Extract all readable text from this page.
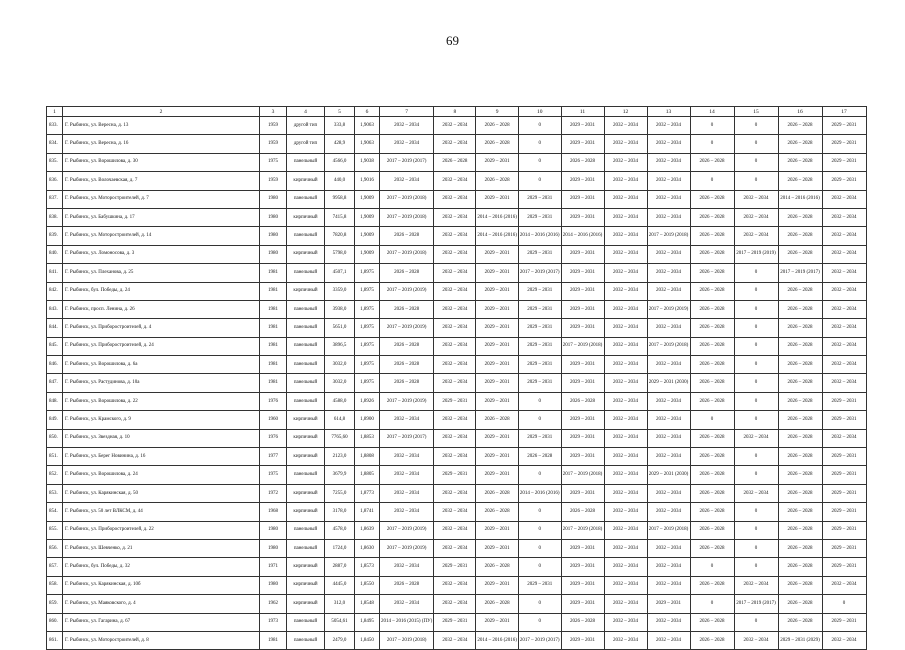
69
1	2	3	4	5	6	7	8	9	10	11	12	13	14	15	16	17
833.	Г. Рыбинск, ул. Вересна, д. 13	1959	другой тип	333,8	1,9063	2032 – 2034	2032 – 2034	2026 – 2028	0	2029 – 2031	2032 – 2034	2032 – 2034	0	0	2026 – 2028	2029 – 2031
834.	Г. Рыбинск, ул. Вересна, д. 16	1959	другой тип	428,9	1,9063	2032 – 2034	2032 – 2034	2026 – 2028	0	2029 – 2031	2032 – 2034	2032 – 2034	0	0	2026 – 2028	2029 – 2031
835.	Г. Рыбинск, ул. Ворошилова, д. 30	1975	панельный	4566,0	1,9038	2017 – 2019 (2017)	2026 – 2028	2029 – 2031	0	2026 – 2028	2032 – 2034	2032 – 2034	2026 – 2028	0	2026 – 2028	2029 – 2031
836.	Г. Рыбинск, ул. Волочаевская, д. 7	1959	кирпичный	440,0	1,9016	2032 – 2034	2032 – 2034	2026 – 2028	0	2029 – 2031	2032 – 2034	2032 – 2034	0	0	2026 – 2028	2029 – 2031
837.	Г. Рыбинск, ул. Моторостроителей, д. 7	1980	панельный	9958,8	1,9009	2017 – 2019 (2018)	2032 – 2034	2029 – 2031	2029 – 2031	2029 – 2031	2032 – 2034	2032 – 2034	2026 – 2028	2032 – 2034	2014 – 2016 (2016)	2032 – 2034
838.	Г. Рыбинск, ул. Бабушкина, д. 17	1980	кирпичный	7415,8	1,9009	2017 – 2019 (2018)	2032 – 2034	2014 – 2016 (2016)	2029 – 2031	2029 – 2031	2032 – 2034	2032 – 2034	2026 – 2028	2032 – 2034	2026 – 2028	2032 – 2034
839.	Г. Рыбинск, ул. Моторостроителей, д. 14	1980	панельный	7820,8	1,9009	2026 – 2028	2032 – 2034	2014 – 2016 (2016)	2014 – 2016 (2016)	2014 – 2016 (2016)	2032 – 2034	2017 – 2019 (2018)	2026 – 2028	2032 – 2034	2026 – 2028	2032 – 2034
840.	Г. Рыбинск, ул. Ломоносова, д. 3	1980	кирпичный	5798,0	1,9009	2017 – 2019 (2018)	2032 – 2034	2029 – 2031	2029 – 2031	2029 – 2031	2032 – 2034	2032 – 2034	2026 – 2028	2017 – 2019 (2019)	2026 – 2028	2032 – 2034
841.	Г. Рыбинск, ул. Плеханова, д. 25	1981	панельный	4507,1	1,8975	2026 – 2028	2032 – 2034	2029 – 2031	2017 – 2019 (2017)	2029 – 2031	2032 – 2034	2032 – 2034	2026 – 2028	0	2017 – 2019 (2017)	2032 – 2034
842.	Г. Рыбинск, бул. Победы, д. 24	1981	кирпичный	3359,0	1,8975	2017 – 2019 (2019)	2032 – 2034	2029 – 2031	2029 – 2031	2029 – 2031	2032 – 2034	2032 – 2034	2026 – 2028	0	2026 – 2028	2032 – 2034
843.	Г. Рыбинск, просп. Ленина, д. 26	1981	панельный	3938,0	1,8975	2026 – 2028	2032 – 2034	2029 – 2031	2029 – 2031	2029 – 2031	2032 – 2034	2017 – 2019 (2019)	2026 – 2028	0	2026 – 2028	2032 – 2034
844.	Г. Рыбинск, ул. Приборостроителей, д. 4	1981	панельный	5651,0	1,8975	2017 – 2019 (2019)	2032 – 2034	2029 – 2031	2029 – 2031	2029 – 2031	2032 – 2034	2032 – 2034	2026 – 2028	0	2026 – 2028	2032 – 2034
845.	Г. Рыбинск, ул. Приборостроителей, д. 24	1981	панельный	3896,5	1,8975	2026 – 2028	2032 – 2034	2029 – 2031	2029 – 2031	2017 – 2019 (2018)	2032 – 2034	2017 – 2019 (2018)	2026 – 2028	0	2026 – 2028	2032 – 2034
846.	Г. Рыбинск, ул. Ворошилова, д. 6а	1981	панельный	3032,0	1,8975	2026 – 2028	2032 – 2034	2029 – 2031	2029 – 2031	2029 – 2031	2032 – 2034	2032 – 2034	2026 – 2028	0	2026 – 2028	2032 – 2034
847.	Г. Рыбинск, ул. Растудинова, д. 10а	1981	панельный	3032,0	1,8975	2026 – 2028	2032 – 2034	2029 – 2031	2029 – 2031	2029 – 2031	2032 – 2034	2029 – 2031 (2030)	2026 – 2028	0	2026 – 2028	2032 – 2034
848.	Г. Рыбинск, ул. Ворошилова, д. 22	1976	панельный	4588,0	1,8926	2017 – 2019 (2019)	2029 – 2031	2029 – 2031	0	2026 – 2028	2032 – 2034	2032 – 2034	2026 – 2028	0	2026 – 2028	2029 – 2031
849.	Г. Рыбинск, ул. Крамского, д. 9	1960	кирпичный	614,8	1,8900	2032 – 2034	2032 – 2034	2026 – 2028	0	2029 – 2031	2032 – 2034	2032 – 2034	0	0	2026 – 2028	2029 – 2031
850.	Г. Рыбинск, ул. Звездная, д. 10	1976	кирпичный	7765,60	1,8853	2017 – 2019 (2017)	2032 – 2034	2029 – 2031	2029 – 2031	2029 – 2031	2032 – 2034	2032 – 2034	2026 – 2028	2032 – 2034	2026 – 2028	2032 – 2034
851.	Г. Рыбинск, ул. Берег Новинина, д. 16	1977	кирпичный	2123,0	1,8808	2032 – 2034	2032 – 2034	2029 – 2031	2026 – 2028	2029 – 2031	2032 – 2034	2032 – 2034	2026 – 2028	0	2026 – 2028	2029 – 2031
852.	Г. Рыбинск, ул. Ворошилова, д. 24	1975	панельный	3679,9	1,8805	2032 – 2034	2029 – 2031	2029 – 2031	0	2017 – 2019 (2018)	2032 – 2034	2029 – 2031 (2030)	2026 – 2028	0	2026 – 2028	2029 – 2031
853.	Г. Рыбинск, ул. Карякинская, д. 50	1972	кирпичный	7255,0	1,8773	2032 – 2034	2032 – 2034	2026 – 2028	2014 – 2016 (2016)	2029 – 2031	2032 – 2034	2032 – 2034	2026 – 2028	2032 – 2034	2026 – 2028	2029 – 2031
854.	Г. Рыбинск, ул. 50 лет ВЛКСМ, д. 44	1968	кирпичный	3178,0	1,8741	2032 – 2034	2032 – 2034	2026 – 2028	0	2026 – 2028	2032 – 2034	2032 – 2034	2026 – 2028	0	2026 – 2028	2029 – 2031
855.	Г. Рыбинск, ул. Приборостроителей, д. 22	1980	панельный	4578,0	1,8639	2017 – 2019 (2019)	2032 – 2034	2029 – 2031	0	2017 – 2019 (2018)	2032 – 2034	2017 – 2019 (2018)	2026 – 2028	0	2026 – 2028	2029 – 2031
856.	Г. Рыбинск, ул. Шевченко, д. 21	1980	панельный	1724,0	1,8630	2017 – 2019 (2019)	2032 – 2034	2029 – 2031	0	2029 – 2031	2032 – 2034	2032 – 2034	2026 – 2028	0	2026 – 2028	2029 – 2031
857.	Г. Рыбинск, бул. Победы, д. 32	1971	кирпичный	2887,0	1,8573	2032 – 2034	2029 – 2031	2026 – 2028	0	2029 – 2031	2032 – 2034	2032 – 2034	0	0	2026 – 2028	2029 – 2031
858.	Г. Рыбинск, ул. Карякинская, д. 10б	1980	кирпичный	4445,0	1,8550	2026 – 2028	2032 – 2034	2029 – 2031	2029 – 2031	2029 – 2031	2032 – 2034	2032 – 2034	2026 – 2028	2032 – 2034	2026 – 2028	2032 – 2034
859.	Г. Рыбинск, ул. Маяковского, д. 4	1962	кирпичный	312,0	1,8548	2032 – 2034	2032 – 2034	2026 – 2028	0	2029 – 2031	2032 – 2034	2029 – 2031	0	2017 – 2019 (2017)	2026 – 2028	0
860.	Г. Рыбинск, ул. Гагарина, д. 67	1973	панельный	5054,61	1,8495	2014 – 2016 (2015) (ПУ)	2029 – 2031	2029 – 2031	0	2026 – 2028	2032 – 2034	2032 – 2034	2026 – 2028	0	2026 – 2028	2029 – 2031
861.	Г. Рыбинск, ул. Моторостроителей, д. 8	1981	панельный	2479,0	1,8450	2017 – 2019 (2018)	2032 – 2034	2014 – 2016 (2016)	2017 – 2019 (2017)	2029 – 2031	2032 – 2034	2032 – 2034	2026 – 2028	2032 – 2034	2029 – 2031 (2029)	2032 – 2034
